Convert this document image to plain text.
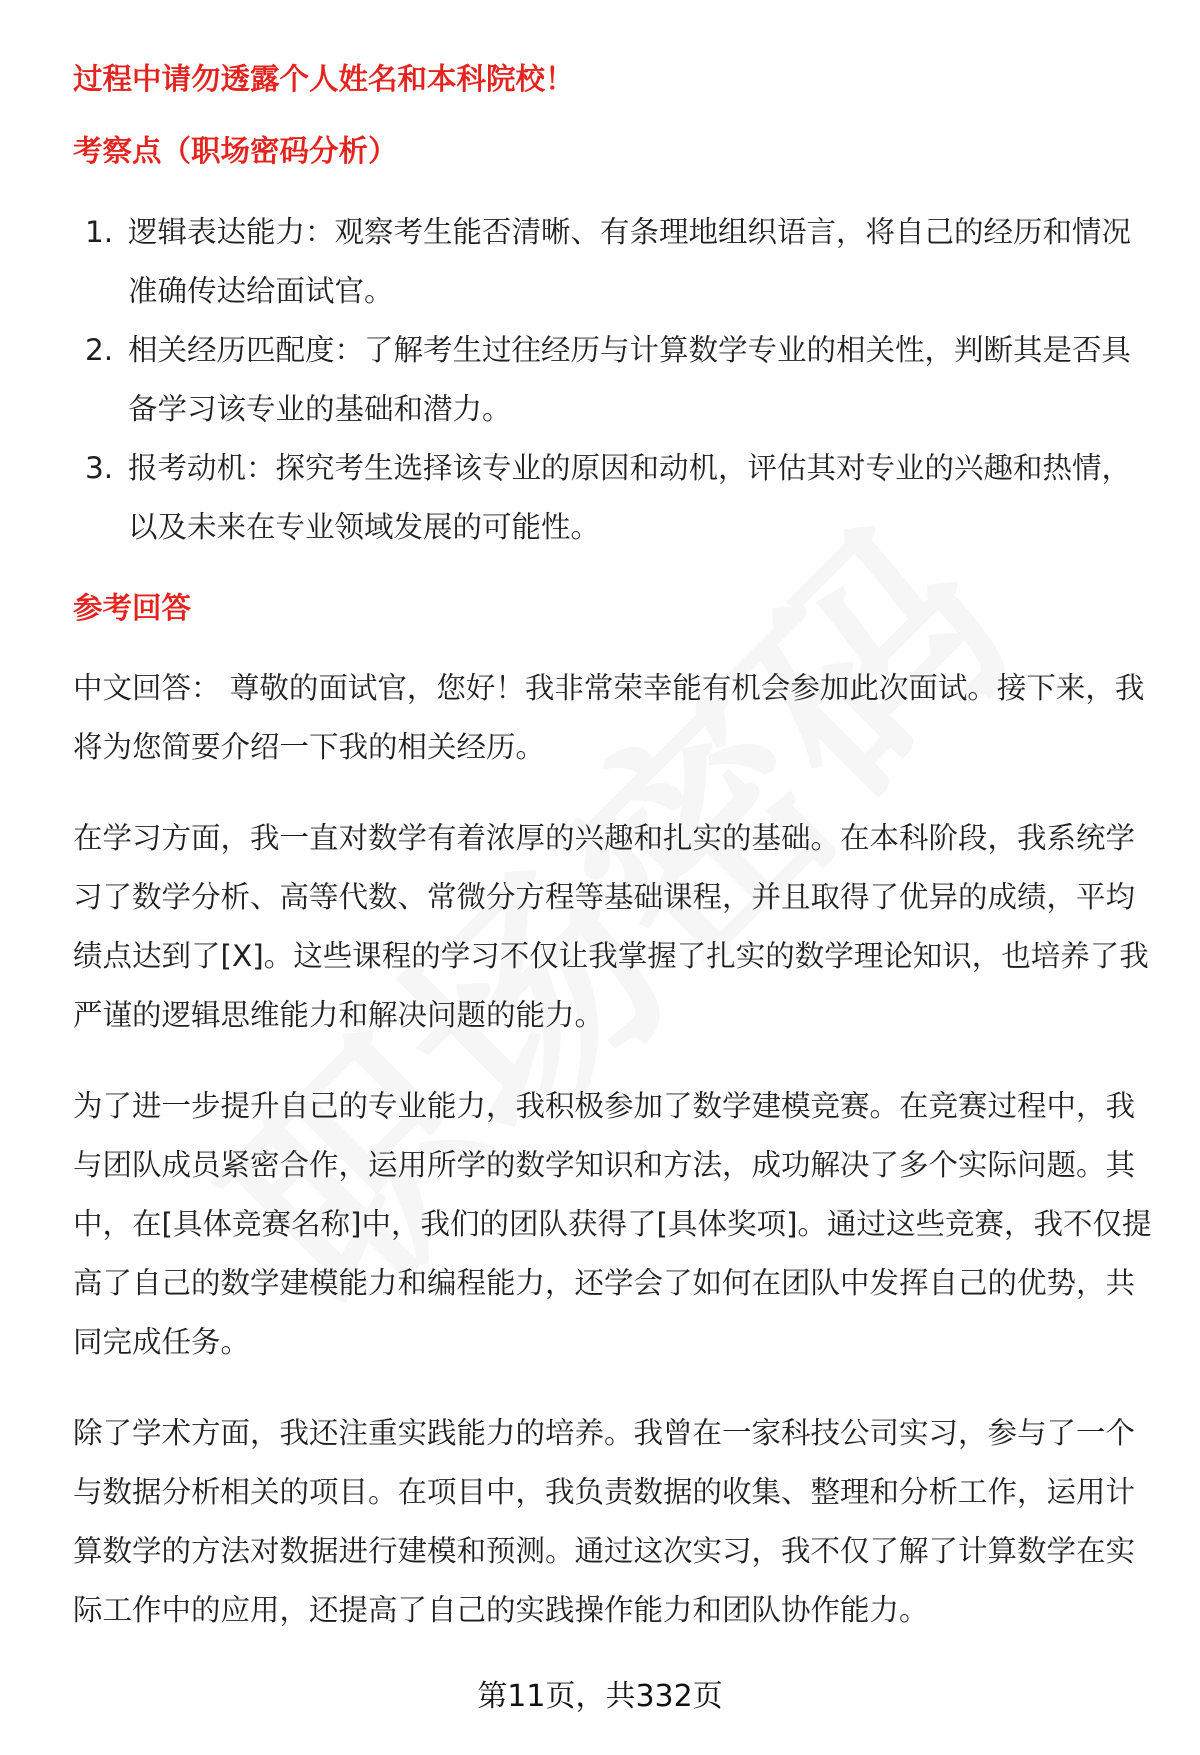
过程中请勿透露个人姓名和本科院校！
考察点（职场密码分析）
1. 逻辑表达能力：观察考生能否清晰、有条理地组织语言，将自己的经历和情况
准确传达给面试官。
2. 相关经历匹配度：了解考生过往经历与计算数学专业的相关性，判断其是否具
备学习该专业的基础和潜力。
3. 报考动机：探究考生选择该专业的原因和动机，评估其对专业的兴趣和热情，
以及未来在专业领域发展的可能性。
参考回答

中文回答： 尊敬的面试官，您好！我非常荣幸能有机会参加此次面试。接下来，我
将为您简要介绍一下我的相关经历。

在学习方面，我一直对数学有着浓厚的兴趣和扎实的基础。在本科阶段，我系统学
习了数学分析、高等代数、常微分方程等基础课程，并且取得了优异的成绩，平均
绩点达到了[X]。这些课程的学习不仅让我掌握了扎实的数学理论知识，也培养了我
严谨的逻辑思维能力和解决问题的能力。

为了进一步提升自己的专业能力，我积极参加了数学建模竞赛。在竞赛过程中，我
与团队成员紧密合作，运用所学的数学知识和方法，成功解决了多个实际问题。其
中，在[具体竞赛名称]中，我们的团队获得了[具体奖项]。通过这些竞赛，我不仅提
高了自己的数学建模能力和编程能力，还学会了如何在团队中发挥自己的优势，共
同完成任务。

除了学术方面，我还注重实践能力的培养。我曾在一家科技公司实习，参与了一个
与数据分析相关的项目。在项目中，我负责数据的收集、整理和分析工作，运用计
算数学的方法对数据进行建模和预测。通过这次实习，我不仅了解了计算数学在实
际工作中的应用，还提高了自己的实践操作能力和团队协作能力。

第11页，共332页
